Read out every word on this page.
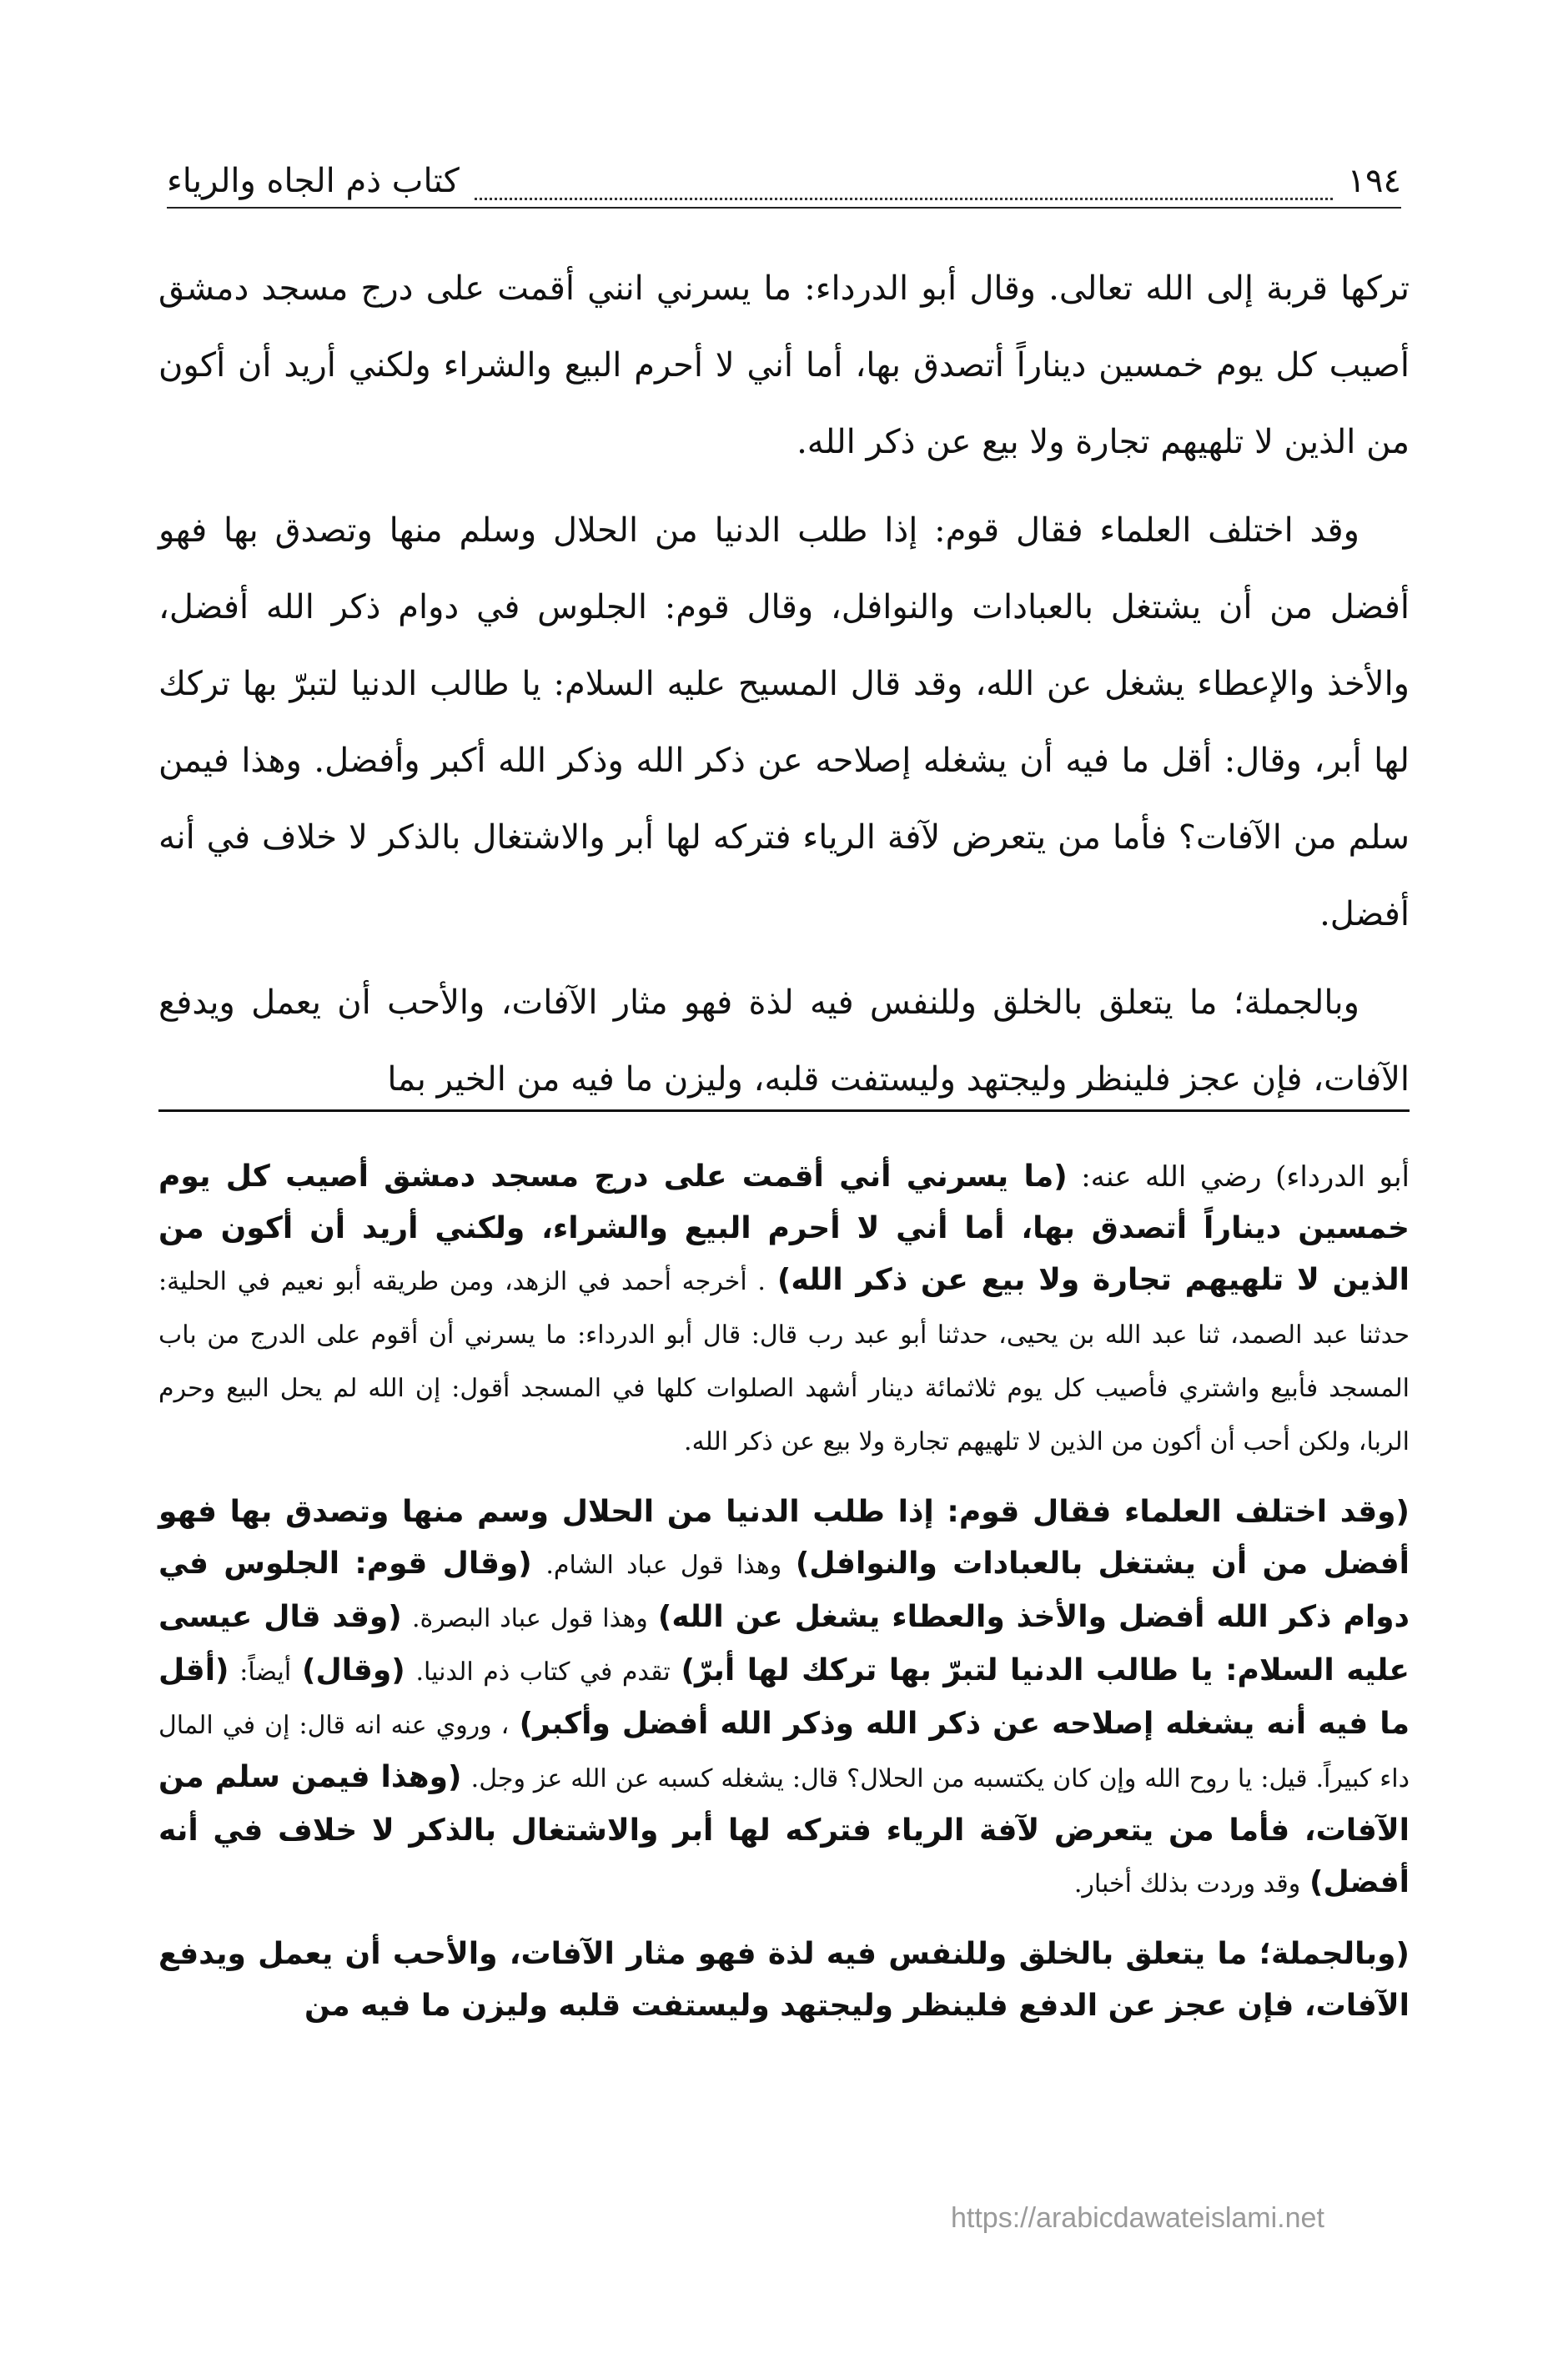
١٩٤
كتاب ذم الجاه والرياء

تركها قربة إلى الله تعالى. وقال أبو الدرداء: ما يسرني انني أقمت على درج مسجد دمشق أصيب كل يوم خمسين ديناراً أتصدق بها، أما أني لا أحرم البيع والشراء ولكني أريد أن أكون من الذين لا تلهيهم تجارة ولا بيع عن ذكر الله.

وقد اختلف العلماء فقال قوم: إذا طلب الدنيا من الحلال وسلم منها وتصدق بها فهو أفضل من أن يشتغل بالعبادات والنوافل، وقال قوم: الجلوس في دوام ذكر الله أفضل، والأخذ والإعطاء يشغل عن الله، وقد قال المسيح عليه السلام: يا طالب الدنيا لتبرّ بها تركك لها أبر، وقال: أقل ما فيه أن يشغله إصلاحه عن ذكر الله وذكر الله أكبر وأفضل. وهذا فيمن سلم من الآفات؟ فأما من يتعرض لآفة الرياء فتركه لها أبر والاشتغال بالذكر لا خلاف في أنه أفضل.

وبالجملة؛ ما يتعلق بالخلق وللنفس فيه لذة فهو مثار الآفات، والأحب أن يعمل ويدفع الآفات، فإن عجز فلينظر وليجتهد وليستفت قلبه، وليزن ما فيه من الخير بما

أبو الدرداء) رضي الله عنه: (ما يسرني أني أقمت على درج مسجد دمشق أصيب كل يوم خمسين ديناراً أتصدق بها، أما أني لا أحرم البيع والشراء، ولكني أريد أن أكون من الذين لا تلهيهم تجارة ولا بيع عن ذكر الله) . أخرجه أحمد في الزهد، ومن طريقه أبو نعيم في الحلية: حدثنا عبد الصمد، ثنا عبد الله بن يحيى، حدثنا أبو عبد رب قال: قال أبو الدرداء: ما يسرني أن أقوم على الدرج من باب المسجد فأبيع واشتري فأصيب كل يوم ثلاثمائة دينار أشهد الصلوات كلها في المسجد أقول: إن الله لم يحل البيع وحرم الربا، ولكن أحب أن أكون من الذين لا تلهيهم تجارة ولا بيع عن ذكر الله.

(وقد اختلف العلماء فقال قوم: إذا طلب الدنيا من الحلال وسم منها وتصدق بها فهو أفضل من أن يشتغل بالعبادات والنوافل) وهذا قول عباد الشام. (وقال قوم: الجلوس في دوام ذكر الله أفضل والأخذ والعطاء يشغل عن الله) وهذا قول عباد البصرة. (وقد قال عيسى عليه السلام: يا طالب الدنيا لتبرّ بها تركك لها أبرّ) تقدم في كتاب ذم الدنيا. (وقال) أيضاً: (أقل ما فيه أنه يشغله إصلاحه عن ذكر الله وذكر الله أفضل وأكبر) ، وروي عنه انه قال: إن في المال داء كبيراً. قيل: يا روح الله وإن كان يكتسبه من الحلال؟ قال: يشغله كسبه عن الله عز وجل. (وهذا فيمن سلم من الآفات، فأما من يتعرض لآفة الرياء فتركه لها أبر والاشتغال بالذكر لا خلاف في أنه أفضل) وقد وردت بذلك أخبار.

(وبالجملة؛ ما يتعلق بالخلق وللنفس فيه لذة فهو مثار الآفات، والأحب أن يعمل ويدفع الآفات، فإن عجز عن الدفع فلينظر وليجتهد وليستفت قلبه وليزن ما فيه من

https://arabicdawateislami.net
